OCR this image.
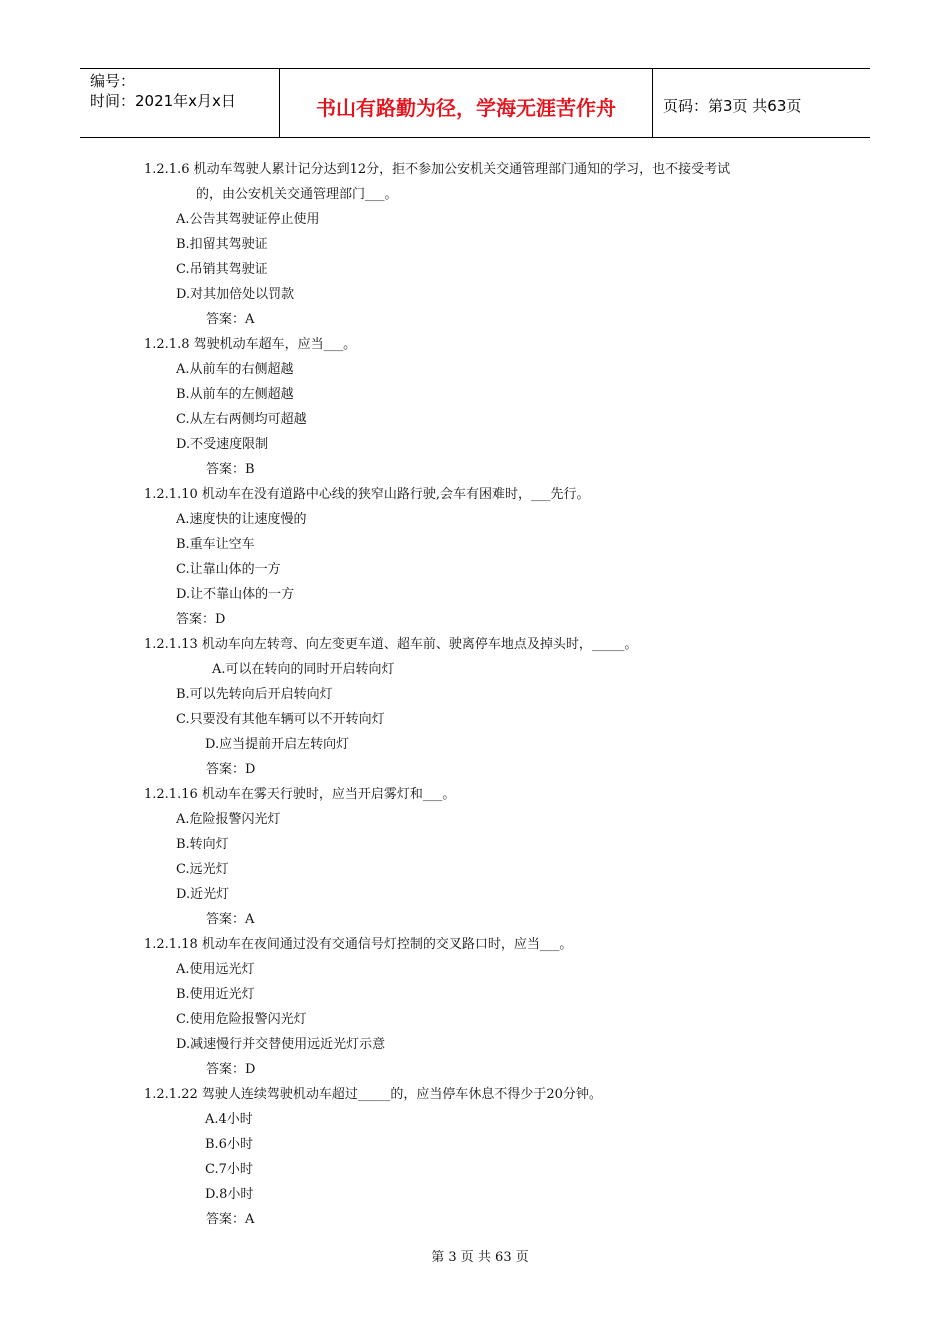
编号：
时间：2021年x月x日	书山有路勤为径，学海无涯苦作舟	页码：第3页 共63页
1.2.1.6 机动车驾驶人累计记分达到12分，拒不参加公安机关交通管理部门通知的学习，也不接受考试
的，由公安机关交通管理部门___。
A.公告其驾驶证停止使用
B.扣留其驾驶证
C.吊销其驾驶证
D.对其加倍处以罚款
答案：A
1.2.1.8 驾驶机动车超车，应当___。
A.从前车的右侧超越
B.从前车的左侧超越
C.从左右两侧均可超越
D.不受速度限制
答案：B
1.2.1.10 机动车在没有道路中心线的狭窄山路行驶,会车有困难时，___先行。
A.速度快的让速度慢的
B.重车让空车
C.让靠山体的一方
D.让不靠山体的一方
答案：D
1.2.1.13 机动车向左转弯、向左变更车道、超车前、驶离停车地点及掉头时，_____。
A.可以在转向的同时开启转向灯
B.可以先转向后开启转向灯
C.只要没有其他车辆可以不开转向灯
D.应当提前开启左转向灯
答案：D
1.2.1.16 机动车在雾天行驶时，应当开启雾灯和___。
A.危险报警闪光灯
B.转向灯
C.远光灯
D.近光灯
答案：A
1.2.1.18 机动车在夜间通过没有交通信号灯控制的交叉路口时，应当___。
A.使用远光灯
B.使用近光灯
C.使用危险报警闪光灯
D.减速慢行并交替使用远近光灯示意
答案：D
1.2.1.22 驾驶人连续驾驶机动车超过_____的，应当停车休息不得少于20分钟。
A.4小时
B.6小时
C.7小时
D.8小时
答案：A
第 3 页 共 63 页
